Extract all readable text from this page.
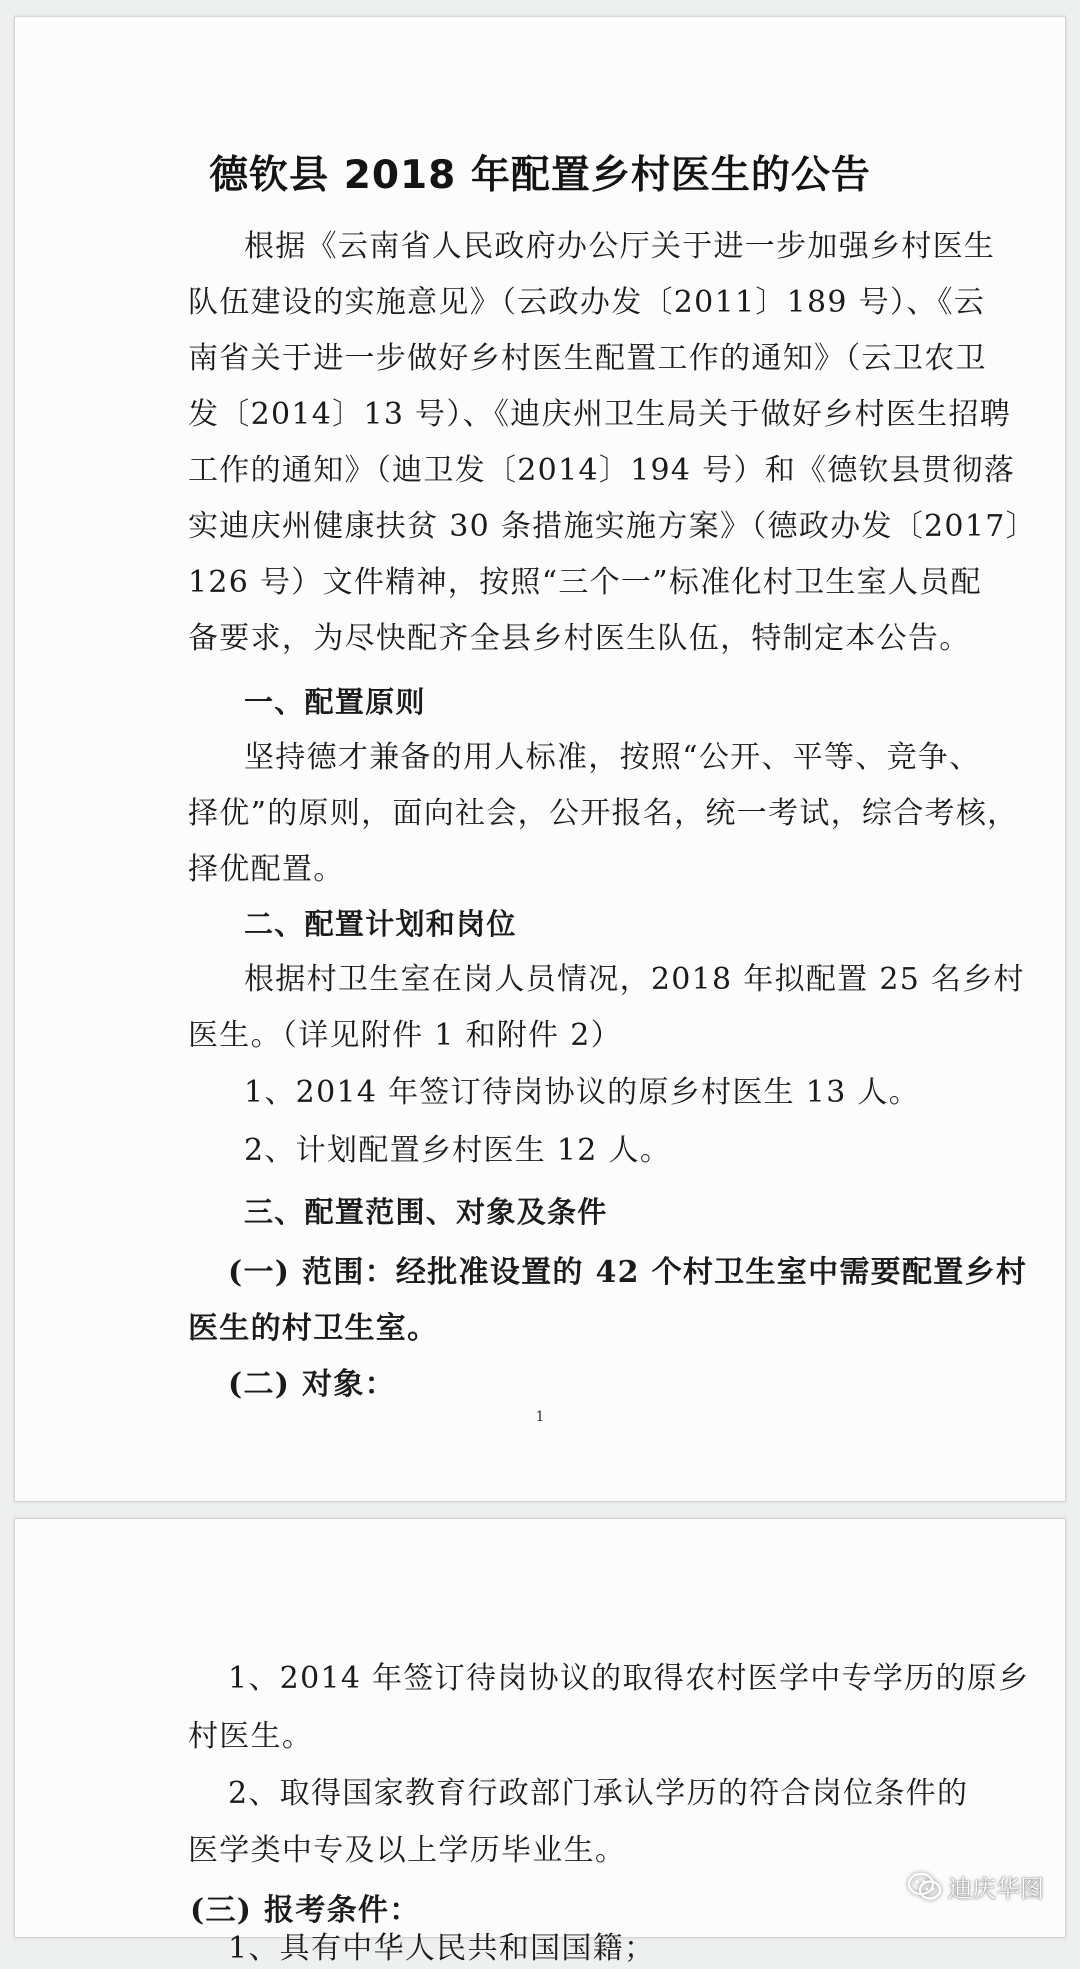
德钦县 2018 年配置乡村医生的公告
根据《云南省人民政府办公厅关于进一步加强乡村医生
队伍建设的实施意见》（云政办发〔2011〕189 号）、《云
南省关于进一步做好乡村医生配置工作的通知》（云卫农卫
发〔2014〕13 号）、《迪庆州卫生局关于做好乡村医生招聘
工作的通知》（迪卫发〔2014〕194 号）和《德钦县贯彻落
实迪庆州健康扶贫 30 条措施实施方案》（德政办发〔2017〕
126 号）文件精神，按照“三个一”标准化村卫生室人员配
备要求，为尽快配齐全县乡村医生队伍，特制定本公告。
一、配置原则
坚持德才兼备的用人标准，按照“公开、平等、竞争、
择优”的原则，面向社会，公开报名，统一考试，综合考核，
择优配置。
二、配置计划和岗位
根据村卫生室在岗人员情况，2018 年拟配置 25 名乡村
医生。（详见附件 1 和附件 2）
1、2014 年签订待岗协议的原乡村医生 13 人。
2、计划配置乡村医生 12 人。
三、配置范围、对象及条件
(一) 范围：经批准设置的 42 个村卫生室中需要配置乡村
医生的村卫生室。
(二) 对象：
1
1、2014 年签订待岗协议的取得农村医学中专学历的原乡
村医生。
2、取得国家教育行政部门承认学历的符合岗位条件的
医学类中专及以上学历毕业生。
(三) 报考条件：
1、具有中华人民共和国国籍；
迪庆华图
